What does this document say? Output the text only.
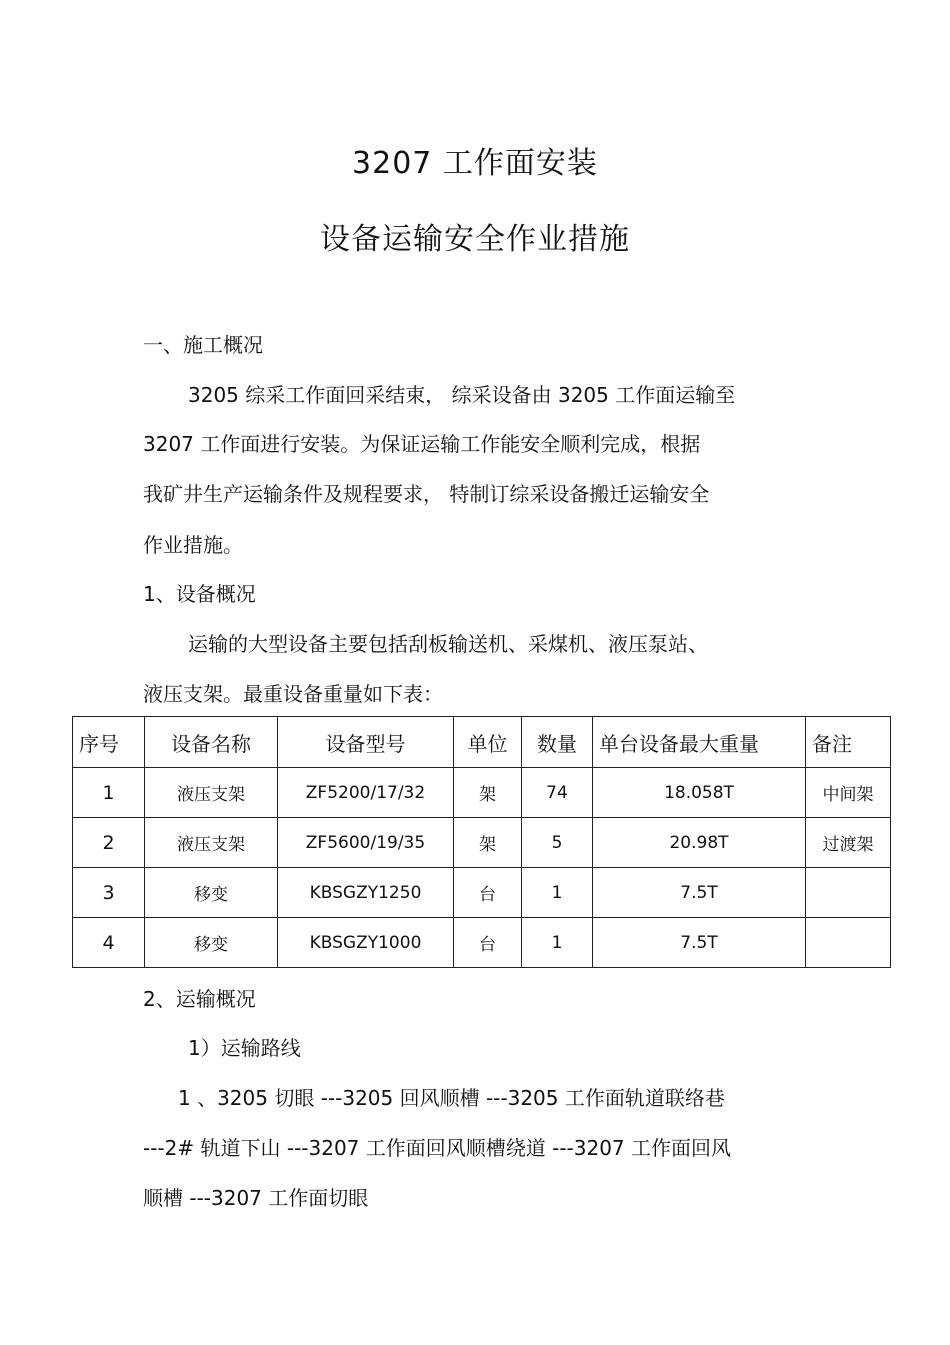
3207 工作面安装
设备运输安全作业措施
一、施工概况
3205 综采工作面回采结束， 综采设备由 3205 工作面运输至
3207 工作面进行安装。为保证运输工作能安全顺利完成，根据
我矿井生产运输条件及规程要求， 特制订综采设备搬迁运输安全
作业措施。
1、设备概况
运输的大型设备主要包括刮板输送机、采煤机、液压泵站、
液压支架。最重设备重量如下表：
序号	设备名称	设备型号	单位	数量	单台设备最大重量	备注
1	液压支架	ZF5200/17/32	架	74	18.058T	中间架
2	液压支架	ZF5600/19/35	架	5	20.98T	过渡架
3	移变	KBSGZY1250	台	1	7.5T	
4	移变	KBSGZY1000	台	1	7.5T	
2、运输概况
1）运输路线
1 、3205 切眼 ---3205 回风顺槽 ---3205 工作面轨道联络巷
---2# 轨道下山 ---3207 工作面回风顺槽绕道 ---3207 工作面回风
顺槽 ---3207 工作面切眼
